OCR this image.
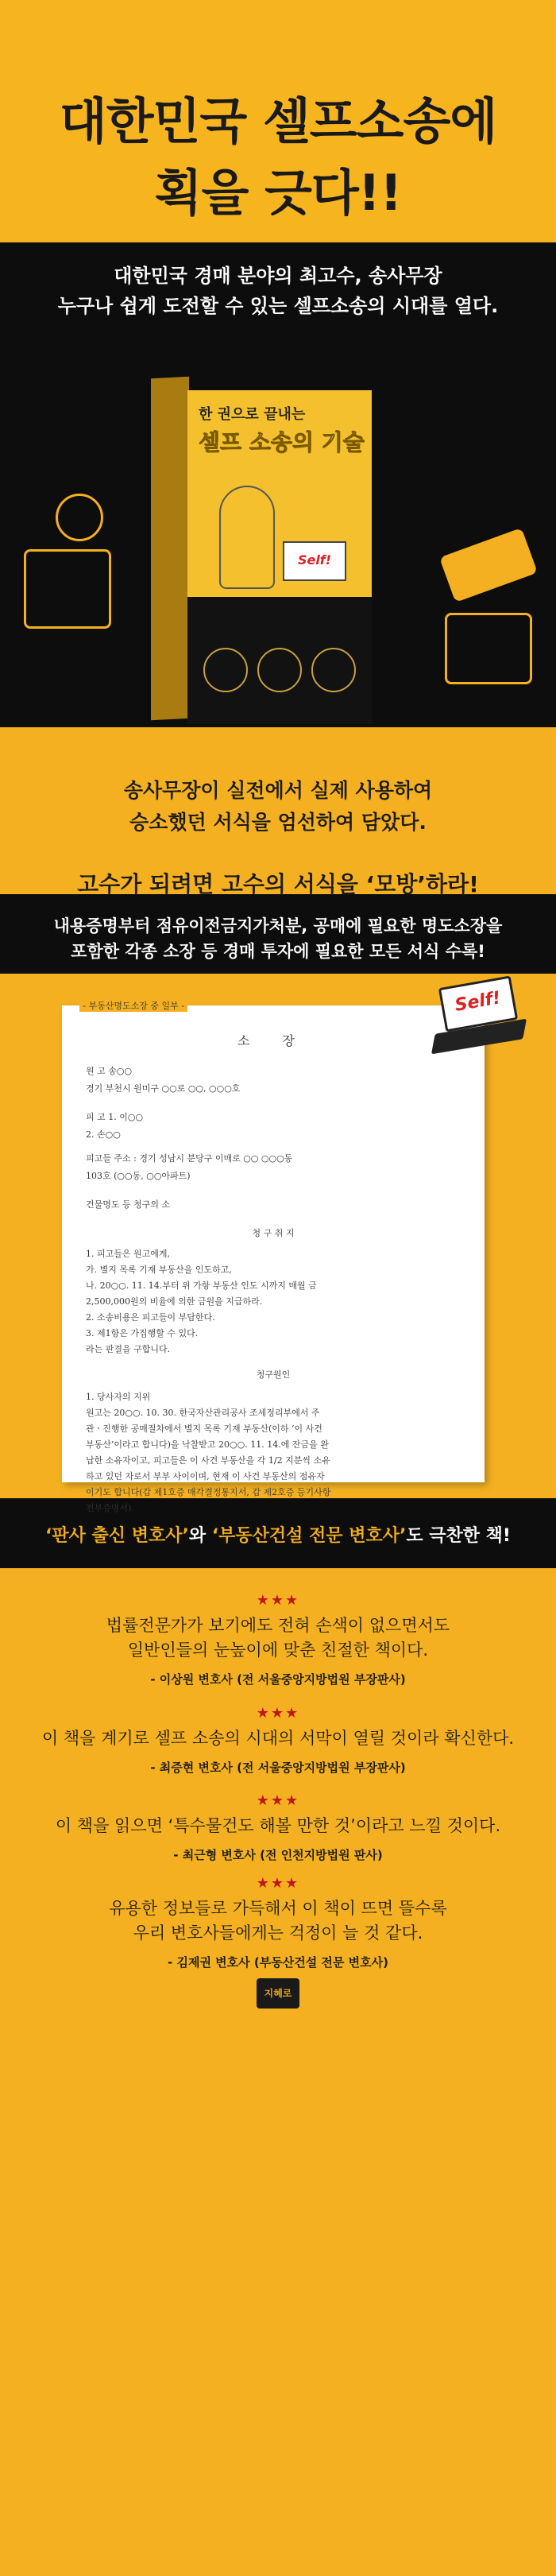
대한민국 셀프소송에
획을 긋다!!
대한민국 경매 분야의 최고수, 송사무장
누구나 쉽게 도전할 수 있는 셀프소송의 시대를 열다.
한 권으로 끝내는
셀프 소송의 기술
Self!
송사무장이 실전에서 실제 사용하여
승소했던 서식을 엄선하여 담았다.
고수가 되려면 고수의 서식을 ‘모방’하라!
내용증명부터 점유이전금지가처분, 공매에 필요한 명도소장을
포함한 각종 소장 등 경매 투자에 필요한 모든 서식 수록!
- 부동산명도소장 중 일부 -
소 장
원 고 송○○
경기 부천시 원미구 ○○로 ○○, ○○○호
피 고 1. 이○○
2. 손○○
피고들 주소 : 경기 성남시 분당구 이매로 ○○ ○○○동
103호 (○○동, ○○아파트)
건물명도 등 청구의 소
청 구 취 지
1. 피고들은 원고에게,
가. 별지 목록 기재 부동산을 인도하고,
나. 20○○. 11. 14.부터 위 가항 부동산 인도 시까지 매월 금
2,500,000원의 비율에 의한 금원을 지급하라.
2. 소송비용은 피고들이 부담한다.
3. 제1항은 가집행할 수 있다.
라는 판결을 구합니다.
청구원인
1. 당사자의 지위
원고는 20○○. 10. 30. 한국자산관리공사 조세정리부에서 주
관ㆍ진행한 공매절차에서 별지 목록 기재 부동산(이하 ‘이 사건
부동산’이라고 합니다)을 낙찰받고 20○○. 11. 14.에 잔금을 완
납한 소유자이고, 피고들은 이 사건 부동산을 각 1/2 지분씩 소유
하고 있던 자로서 부부 사이이며, 현재 이 사건 부동산의 점유자
이기도 합니다(갑 제1호증 매각결정통지서, 갑 제2호증 등기사항
전부증명서).
Self!
‘판사 출신 변호사’와 ‘부동산건설 전문 변호사’도 극찬한 책!
★★★
법률전문가가 보기에도 전혀 손색이 없으면서도
일반인들의 눈높이에 맞춘 친절한 책이다.
- 이상원 변호사 (전 서울중앙지방법원 부장판사)
★★★
이 책을 계기로 셀프 소송의 시대의 서막이 열릴 것이라 확신한다.
- 최증현 변호사 (전 서울중앙지방법원 부장판사)
★★★
이 책을 읽으면 ‘특수물건도 해볼 만한 것’이라고 느낄 것이다.
- 최근형 변호사 (전 인천지방법원 판사)
★★★
유용한 정보들로 가득해서 이 책이 뜨면 뜰수록
우리 변호사들에게는 걱정이 늘 것 같다.
- 김제권 변호사 (부동산건설 전문 변호사)
지혜로
